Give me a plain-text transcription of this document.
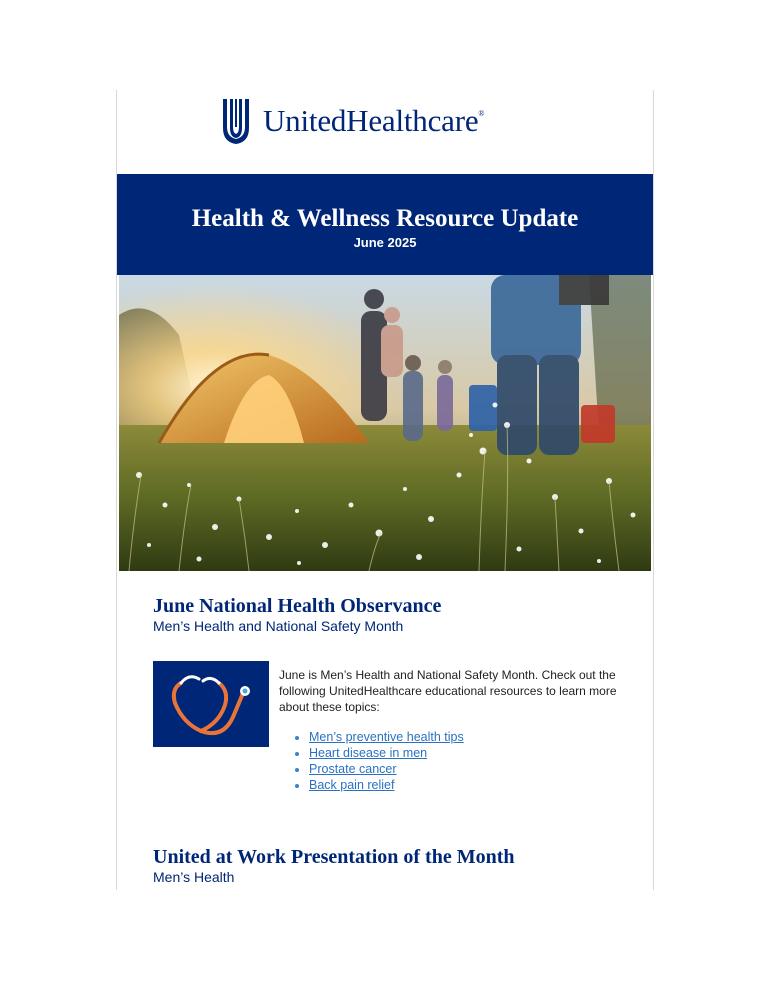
UnitedHealthcare®
Health & Wellness Resource Update
June 2025
June National Health Observance
Men’s Health and National Safety Month
June is Men’s Health and National Safety Month. Check out the following UnitedHealthcare educational resources to learn more about these topics:
• Men’s preventive health tips
• Heart disease in men
• Prostate cancer
• Back pain relief
United at Work Presentation of the Month
Men’s Health
